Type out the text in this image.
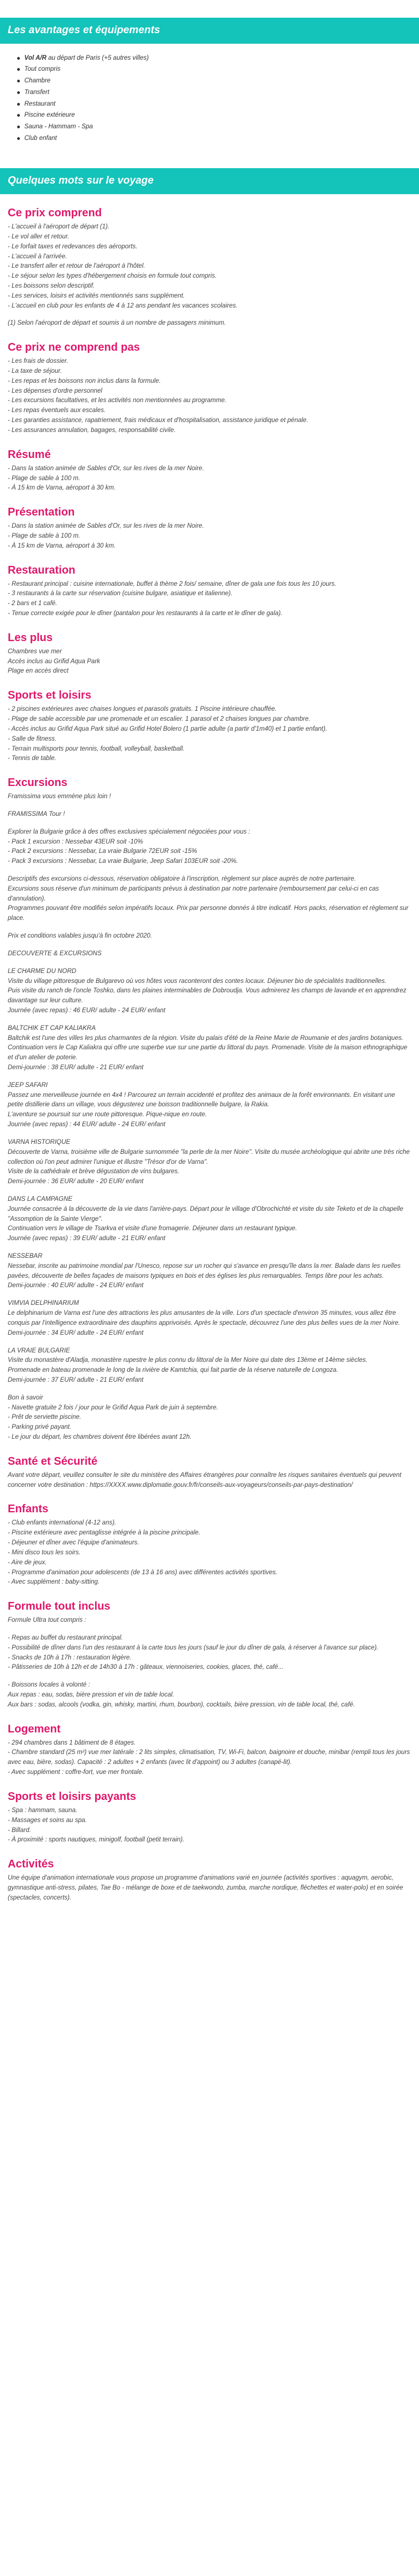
Les avantages et équipements
Vol A/R au départ de Paris (+5 autres villes)
Tout compris
Chambre
Transfert
Restaurant
Piscine extérieure
Sauna - Hammam - Spa
Club enfant
Quelques mots sur le voyage
Ce prix comprend
- L'accueil à l'aéroport de départ (1).
- Le vol aller et retour.
- Le forfait taxes et redevances des aéroports.
- L'accueil à l'arrivée.
- Le transfert aller et retour de l'aéroport à l'hôtel.
- Le séjour selon les types d'hébergement choisis en formule tout compris.
- Les boissons selon descriptif.
- Les services, loisirs et activités mentionnés sans supplément.
- L'accueil en club pour les enfants de 4 à 12 ans pendant les vacances scolaires.
(1) Selon l'aéroport de départ et soumis à un nombre de passagers minimum.
Ce prix ne comprend pas
- Les frais de dossier.
- La taxe de séjour.
- Les repas et les boissons non inclus dans la formule.
- Les dépenses d'ordre personnel
- Les excursions facultatives, et les activités non mentionnées au programme.
- Les repas éventuels aux escales.
- Les garanties assistance, rapatriement, frais médicaux et d'hospitalisation, assistance juridique et pénale.
- Les assurances annulation, bagages, responsabilité civile.
Résumé
- Dans la station animée de Sables d'Or, sur les rives de la mer Noire.
- Plage de sable à 100 m.
- À 15 km de Varna, aéroport à 30 km.
Présentation
- Dans la station animée de Sables d'Or, sur les rives de la mer Noire.
- Plage de sable à 100 m.
- À 15 km de Varna, aéroport à 30 km.
Restauration
- Restaurant principal : cuisine internationale, buffet à thème 2 fois/ semaine, dîner de gala une fois tous les 10 jours.
- 3 restaurants à la carte sur réservation (cuisine bulgare, asiatique et italienne).
- 2 bars et 1 café.
- Tenue correcte exigée pour le dîner (pantalon pour les restaurants à la carte et le dîner de gala).
Les plus
Chambres vue mer
Accès inclus au Grifid Aqua Park
Plage en accès direct
Sports et loisirs
- 2 piscines extérieures avec chaises longues et parasols gratuits. 1 Piscine intérieure chauffée.
- Plage de sable accessible par une promenade et un escalier. 1 parasol et 2 chaises longues par chambre.
- Accès inclus au Grifid Aqua Park situé au Grifid Hotel Bolero (1 partie adulte (a partir d'1m40) et 1 partie enfant).
- Salle de fitness.
- Terrain multisports pour tennis, football, volleyball, basketball.
- Tennis de table.
Excursions
Framissima vous emmène plus loin !
FRAMISSIMA Tour !
Explorer la Bulgarie grâce à des offres exclusives spécialement négociées pour vous :
- Pack 1 excursion : Nessebar 43EUR soit -10%
- Pack 2 excursions : Nessebar, La vraie Bulgarie 72EUR soit -15%
- Pack 3 excursions : Nessebar, La vraie Bulgarie, Jeep Safari 103EUR soit -20%.
Descriptifs des excursions ci-dessous, réservation obligatoire à l'inscription, règlement sur place auprès de notre partenaire.
Excursions sous réserve d'un minimum de participants prévus à destination par notre partenaire (remboursement par celui-ci en cas d'annulation).
Programmes pouvant être modifiés selon impératifs locaux. Prix par personne donnés à titre indicatif. Hors packs, réservation et règlement sur place.
Prix et conditions valables jusqu'à fin octobre 2020.
DECOUVERTE & EXCURSIONS
LE CHARME DU NORD
Visite du village pittoresque de Bulgarevo où vos hôtes vous raconteront des contes locaux. Déjeuner bio de spécialités traditionnelles.
Puis visite du ranch de l'oncle Toshko, dans les plaines interminables de Dobroudja. Vous admirerez les champs de lavande et en apprendrez davantage sur leur culture.
Journée (avec repas) : 46 EUR/ adulte - 24 EUR/ enfant
BALTCHIK ET CAP KALIAKRA
Baltchik est l'une des villes les plus charmantes de la région. Visite du palais d'été de la Reine Marie de Roumanie et des jardins botaniques. Continuation vers le Cap Kaliakra qui offre une superbe vue sur une partie du littoral du pays. Promenade. Visite de la maison ethnographique et d'un atelier de poterie.
Demi-journée : 38 EUR/ adulte - 21 EUR/ enfant
JEEP SAFARI
Passez une merveilleuse journée en 4x4 ! Parcourez un terrain accidenté et profitez des animaux de la forêt environnants. En visitant une petite distillerie dans un village, vous dégusterez une boisson traditionnelle bulgare, la Rakia.
L'aventure se poursuit sur une route pittoresque. Pique-nique en route.
Journée (avec repas) : 44 EUR/ adulte - 24 EUR/ enfant
VARNA HISTORIQUE
Découverte de Varna, troisième ville de Bulgarie surnommée "la perle de la mer Noire". Visite du musée archéologique qui abrite une très riche collection où l'on peut admirer l'unique et illustre "Trésor d'or de Varna".
Visite de la cathédrale et brève dégustation de vins bulgares.
Demi-journée : 36 EUR/ adulte - 20 EUR/ enfant
DANS LA CAMPAGNE
Journée consacrée à la découverte de la vie dans l'arrière-pays. Départ pour le village d'Obrochichté et visite du site Teketo et de la chapelle "Assomption de la Sainte Vierge".
Continuation vers le village de Tsarkva et visite d'une fromagerie. Déjeuner dans un restaurant typique.
Journée (avec repas) : 39 EUR/ adulte - 21 EUR/ enfant
NESSEBAR
Nessebar, inscrite au patrimoine mondial par l'Unesco, repose sur un rocher qui s'avance en presqu'île dans la mer. Balade dans les ruelles pavées, découverte de belles façades de maisons typiques en bois et des églises les plus remarquables. Temps libre pour les achats.
Demi-journée : 40 EUR/ adulte - 24 EUR/ enfant
VIMVIA DELPHINARIUM
Le delphinarium de Varna est l'une des attractions les plus amusantes de la ville. Lors d'un spectacle d'environ 35 minutes, vous allez être conquis par l'intelligence extraordinaire des dauphins apprivoisés. Après le spectacle, découvrez l'une des plus belles vues de la mer Noire.
Demi-journée : 34 EUR/ adulte - 24 EUR/ enfant
LA VRAIE BULGARIE
Visite du monastère d'Aladja, monastère rupestre le plus connu du littoral de la Mer Noire qui date des 13ème et 14ème siècles.
Promenade en bateau promenade le long de la rivière de Kamtchia, qui fait partie de la réserve naturelle de Longoza.
Demi-journée : 37 EUR/ adulte - 21 EUR/ enfant
Bon à savoir
- Navette gratuite 2 fois / jour pour le Grifid Aqua Park de juin à septembre.
- Prêt de serviette piscine.
- Parking privé payant.
- Le jour du départ, les chambres doivent être libérées avant 12h.
Santé et Sécurité
Avant votre départ, veuillez consulter le site du ministère des Affaires étrangères pour connaître les risques sanitaires éventuels qui peuvent concerner votre destination : https://XXXX.www.diplomatie.gouv.fr/fr/conseils-aux-voyageurs/conseils-par-pays-destination/
Enfants
- Club enfants international (4-12 ans).
- Piscine extérieure avec pentaglisse intégrée à la piscine principale.
- Déjeuner et dîner avec l'équipe d'animateurs.
- Mini disco tous les soirs.
- Aire de jeux.
- Programme d'animation pour adolescents (de 13 à 16 ans) avec différentes activités sportives.
- Avec supplément : baby-sitting.
Formule tout inclus
Formule Ultra tout compris :
- Repas au buffet du restaurant principal.
- Possibilité de dîner dans l'un des restaurant à la carte tous les jours (sauf le jour du dîner de gala, à réserver à l'avance sur place).
- Snacks de 10h à 17h : restauration légère.
- Pâtisseries de 10h à 12h et de 14h30 à 17h : gâteaux, viennoiseries, cookies, glaces, thé, café...
- Boissons locales à volonté :
Aux repas : eau, sodas, bière pression et vin de table local.
Aux bars : sodas, alcools (vodka, gin, whisky, martini, rhum, bourbon), cocktails, bière pression, vin de table local, thé, café.
Logement
- 294 chambres dans 1 bâtiment de 8 étages.
- Chambre standard (25 m²) vue mer latérale : 2 lits simples, climatisation, TV, Wi-Fi, balcon, baignoire et douche, minibar (rempli tous les jours avec eau, bière, sodas). Capacité : 2 adultes + 2 enfants (avec lit d'appoint) ou 3 adultes (canapé-lit).
- Avec supplément : coffre-fort, vue mer frontale.
Sports et loisirs payants
- Spa : hammam, sauna.
- Massages et soins au spa.
- Billard.
- À proximité : sports nautiques, minigolf, football (petit terrain).
Activités
Une équipe d'animation internationale vous propose un programme d'animations varié en journée (activités sportives : aquagym, aerobic, gymnastique anti-stress, pilates, Tae Bo - mélange de boxe et de taekwondo, zumba, marche nordique, fléchettes et water-polo) et en soirée (spectacles, concerts).
